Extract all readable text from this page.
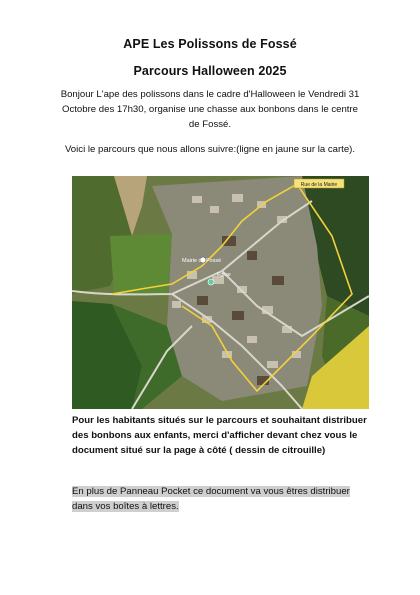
APE Les Polissons de Fossé
Parcours Halloween 2025
Bonjour L'ape des polissons dans le cadre d'Halloween le Vendredi 31 Octobre des 17h30, organise une chasse aux bonbons dans le centre de Fossé.
Voici le parcours que nous allons suivre:(ligne en jaune sur la carte).
Rue de la Mairie
Mairie de Fossé
Eglise
Pour les habitants situés sur le parcours et souhaitant distribuer des bonbons aux enfants, merci d'afficher devant chez vous le document situé sur la page à côté ( dessin de citrouille)
En plus de Panneau Pocket ce document va vous êtres distribuer dans vos boîtes à lettres.
